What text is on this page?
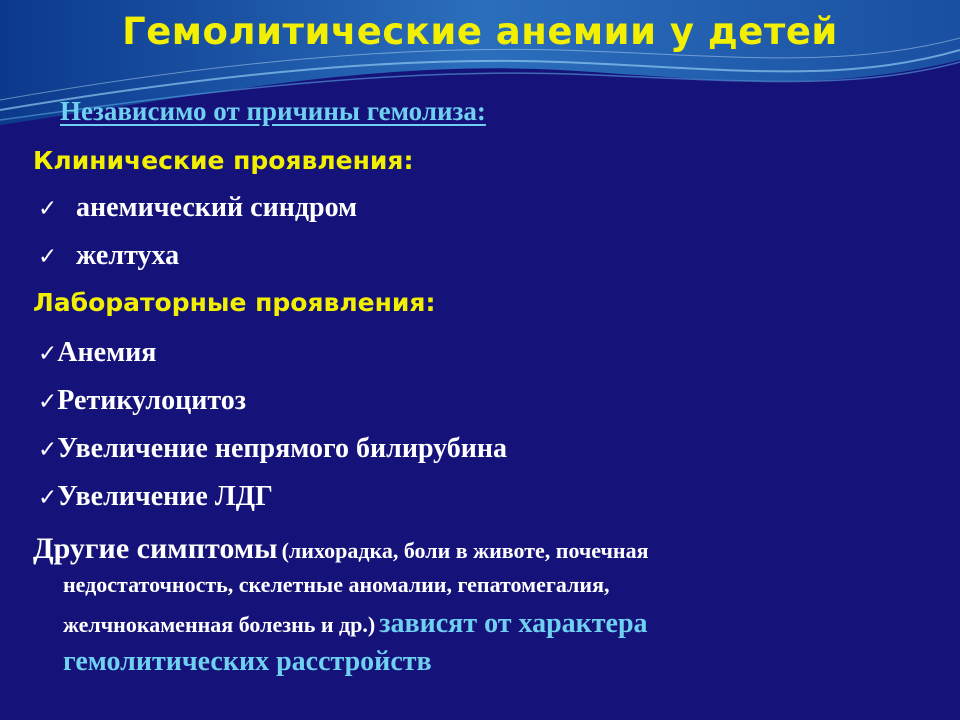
Гемолитические анемии у детей
Независимо от причины гемолиза:
Клинические проявления:
✓ анемический синдром
✓ желтуха
Лабораторные проявления:
✓Анемия
✓Ретикулоцитоз
✓Увеличение непрямого билирубина
✓Увеличение ЛДГ
Другие симптомы (лихорадка, боли в животе, почечная
недостаточность, скелетные аномалии, гепатомегалия,
желчнокаменная болезнь и др.) зависят от характера
гемолитических расстройств
